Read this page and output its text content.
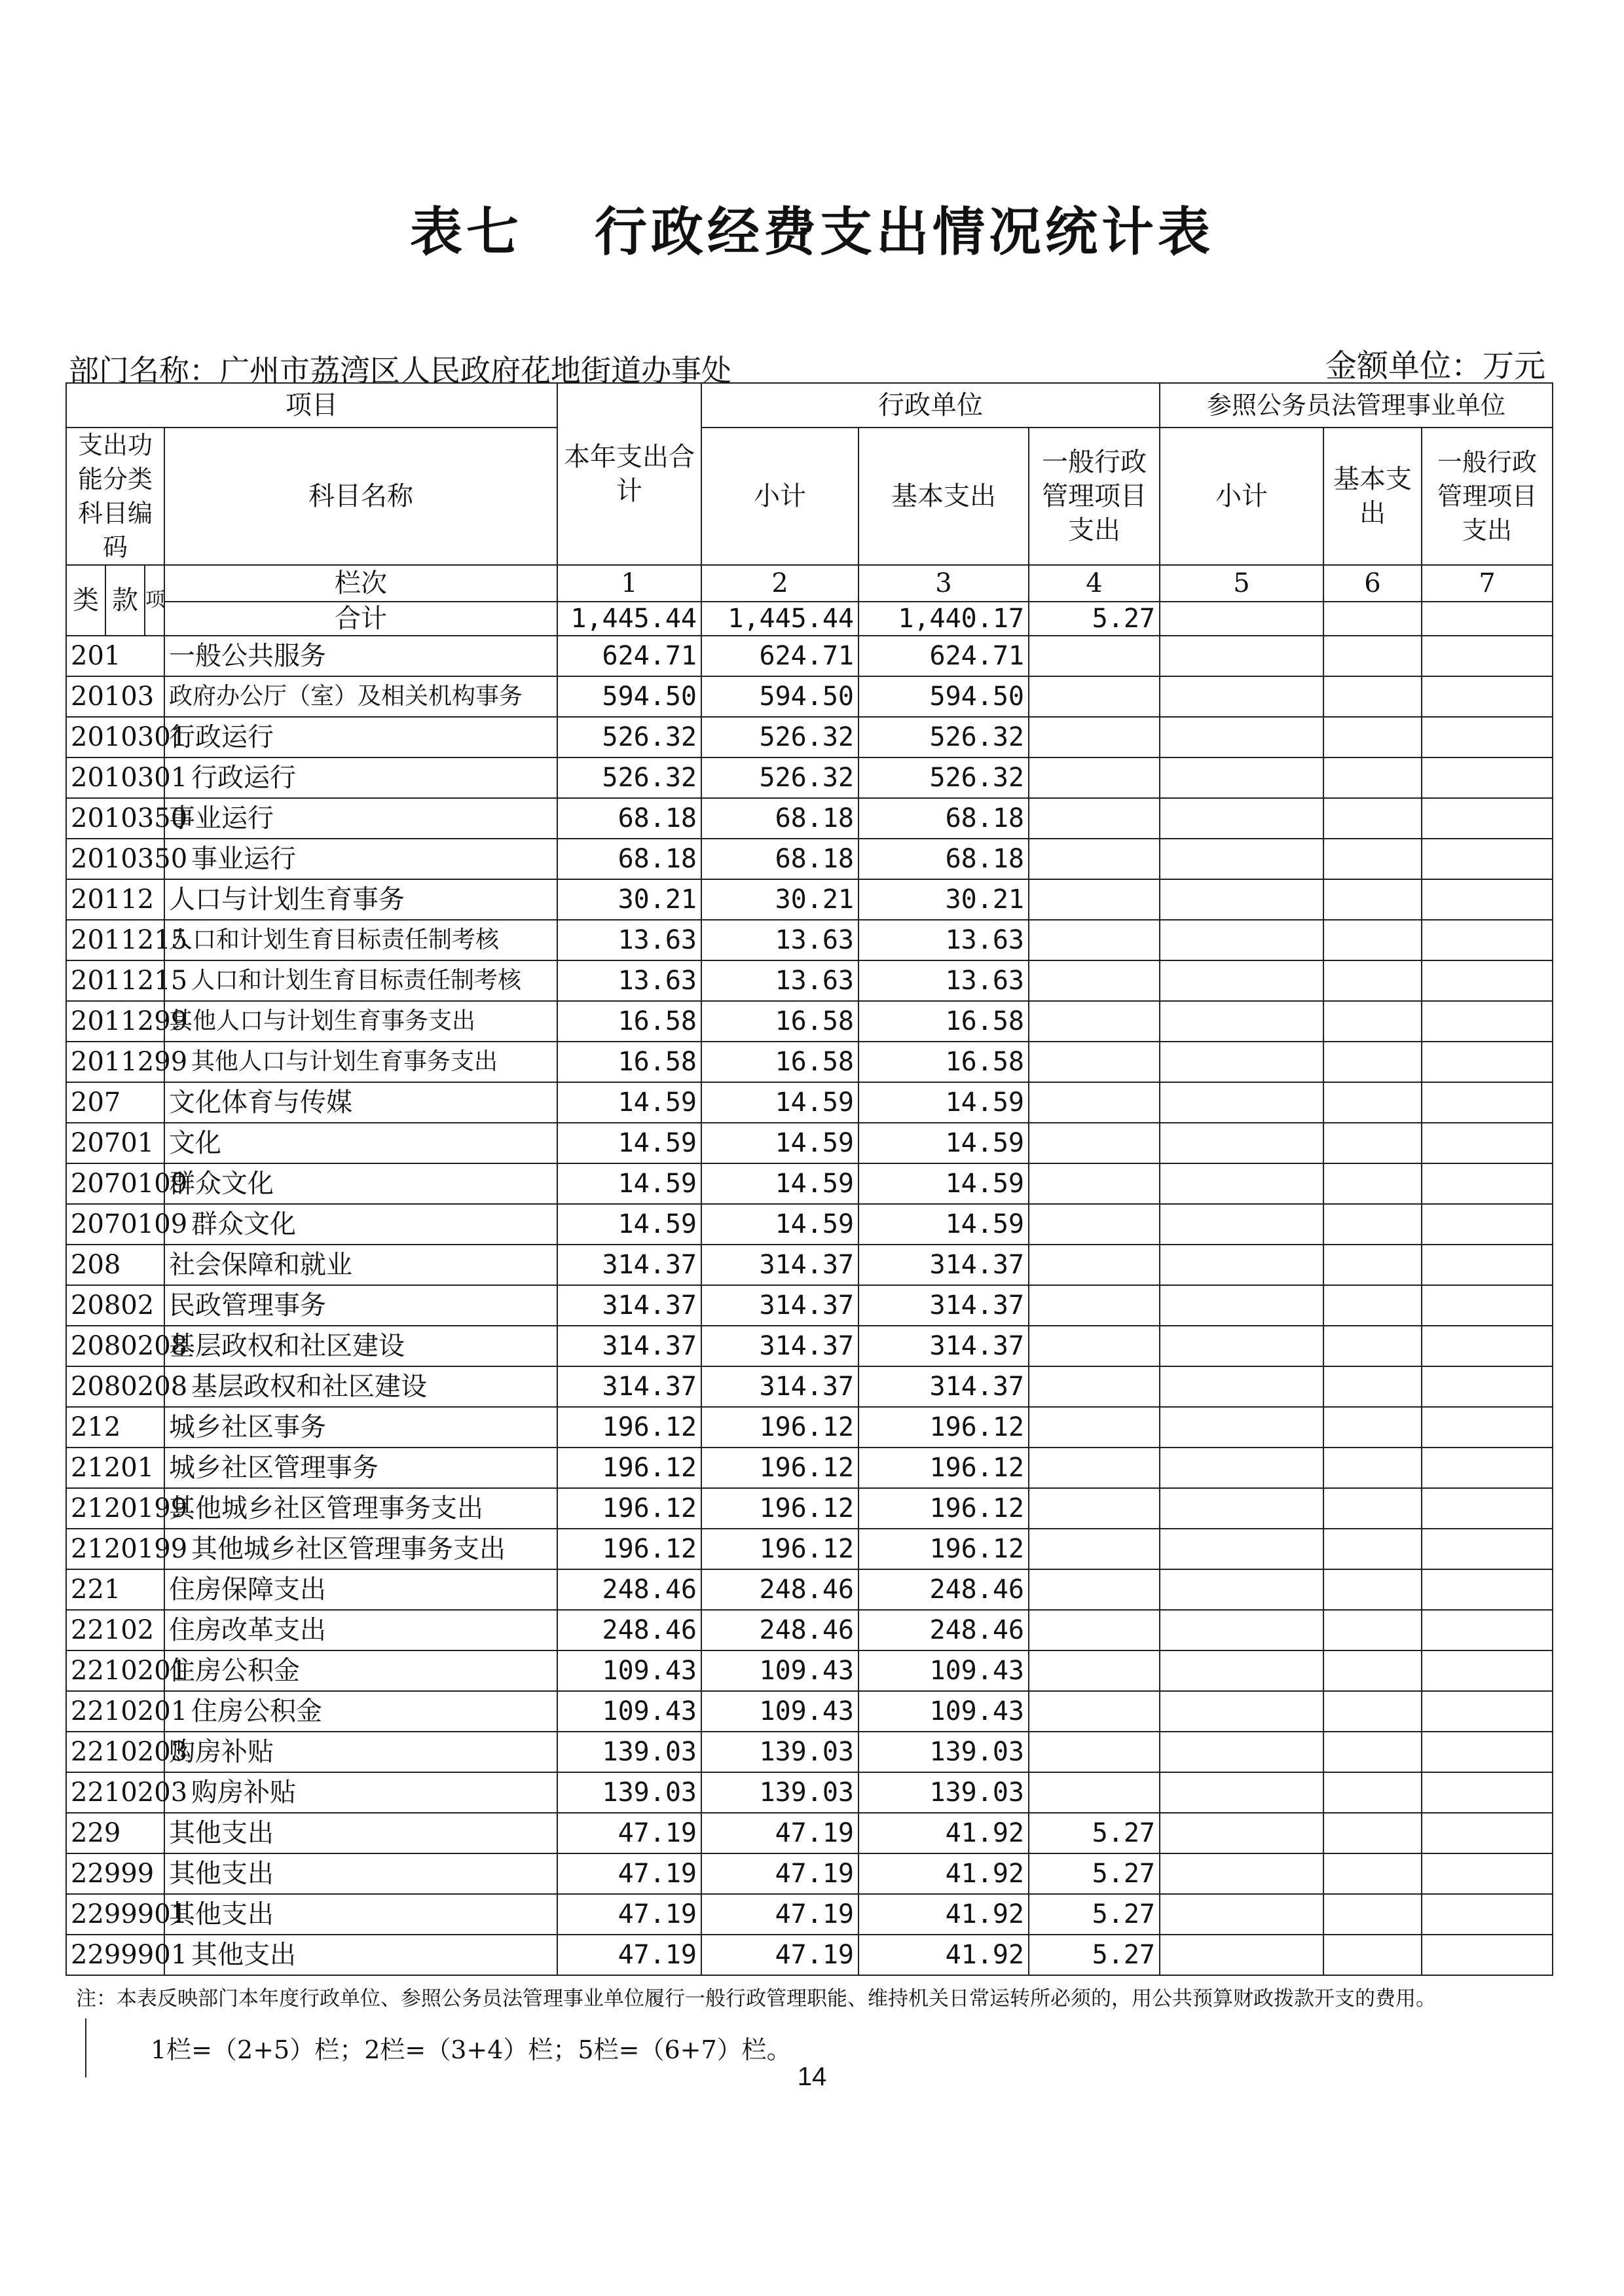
表七 行政经费支出情况统计表
部门名称：广州市荔湾区人民政府花地街道办事处	金额单位：万元
项目				本年支出合计	行政单位			参照公务员法管理事业单位		
支出功能分类科目编码			科目名称		小计	基本支出	一般行政管理项目支出	小计	基本支出	一般行政管理项目支出
类	款	项	栏次	1	2	3	4	5	6	7
			合计	1,445.44	1,445.44	1,440.17	5.27			
201			一般公共服务	624.71	624.71	624.71				
20103			政府办公厅（室）及相关机构事务	594.50	594.50	594.50				
2010301			行政运行	526.32	526.32	526.32				
2010301			行政运行	526.32	526.32	526.32				
2010350			事业运行	68.18	68.18	68.18				
2010350			事业运行	68.18	68.18	68.18				
20112			人口与计划生育事务	30.21	30.21	30.21				
2011215			人口和计划生育目标责任制考核	13.63	13.63	13.63				
2011215			人口和计划生育目标责任制考核	13.63	13.63	13.63				
2011299			其他人口与计划生育事务支出	16.58	16.58	16.58				
2011299			其他人口与计划生育事务支出	16.58	16.58	16.58				
207			文化体育与传媒	14.59	14.59	14.59				
20701			文化	14.59	14.59	14.59				
2070109			群众文化	14.59	14.59	14.59				
2070109			群众文化	14.59	14.59	14.59				
208			社会保障和就业	314.37	314.37	314.37				
20802			民政管理事务	314.37	314.37	314.37				
2080208			基层政权和社区建设	314.37	314.37	314.37				
2080208			基层政权和社区建设	314.37	314.37	314.37				
212			城乡社区事务	196.12	196.12	196.12				
21201			城乡社区管理事务	196.12	196.12	196.12				
2120199			其他城乡社区管理事务支出	196.12	196.12	196.12				
2120199			其他城乡社区管理事务支出	196.12	196.12	196.12				
221			住房保障支出	248.46	248.46	248.46				
22102			住房改革支出	248.46	248.46	248.46				
2210201			住房公积金	109.43	109.43	109.43				
2210201			住房公积金	109.43	109.43	109.43				
2210203			购房补贴	139.03	139.03	139.03				
2210203			购房补贴	139.03	139.03	139.03				
229			其他支出	47.19	47.19	41.92	5.27			
22999			其他支出	47.19	47.19	41.92	5.27			
2299901			其他支出	47.19	47.19	41.92	5.27			
2299901			其他支出	47.19	47.19	41.92	5.27			
注：本表反映部门本年度行政单位、参照公务员法管理事业单位履行一般行政管理职能、维持机关日常运转所必须的，用公共预算财政拨款开支的费用。
1栏=（2+5）栏；2栏=（3+4）栏；5栏=（6+7）栏。
14
